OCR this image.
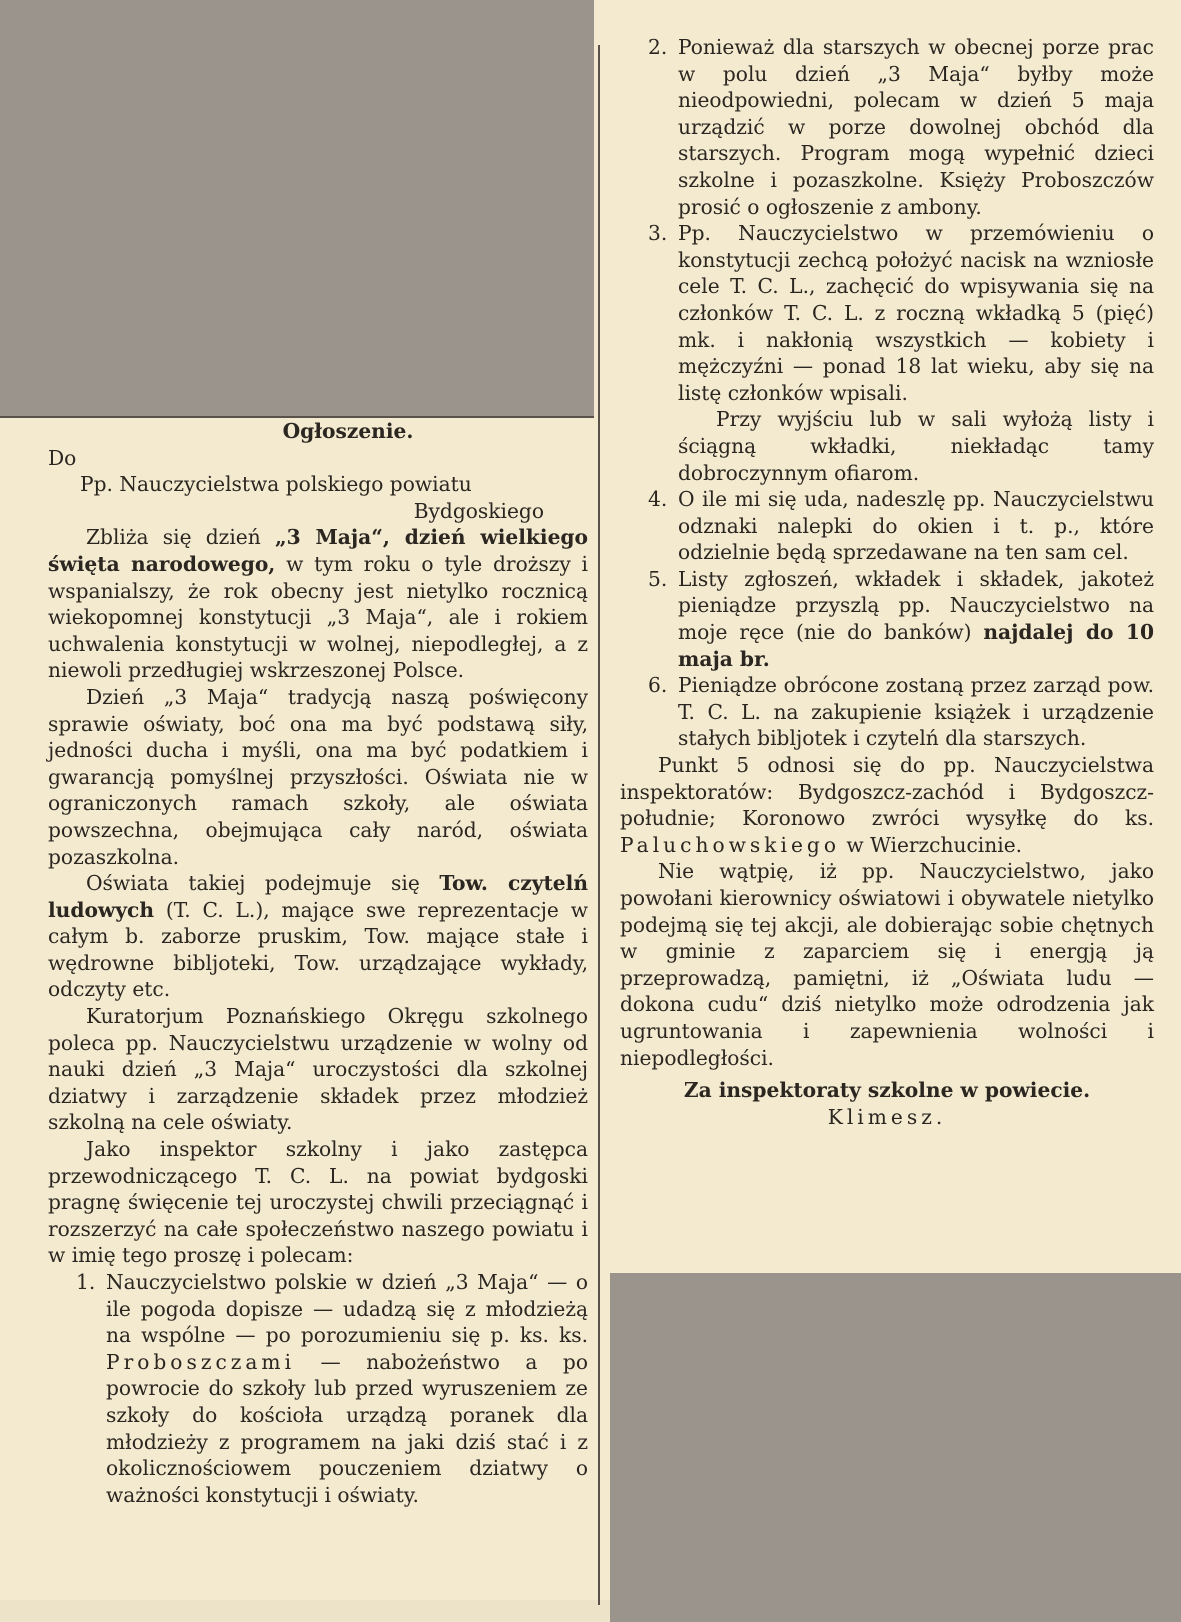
Ogłoszenie.

Do

Pp. Nauczycielstwa polskiego powiatu

Bydgoskiego

Zbliża się dzień „3 Maja“, dzień wielkiego święta narodowego, w tym roku o tyle droższy i wspanialszy, że rok obecny jest nietylko rocznicą wiekopomnej konstytucji „3 Maja“, ale i rokiem uchwalenia konstytucji w wolnej, niepodległej, a z niewoli przedługiej wskrzeszonej Polsce.

Dzień „3 Maja“ tradycją naszą poświęcony sprawie oświaty, boć ona ma być podstawą siły, jedności ducha i myśli, ona ma być podatkiem i gwarancją pomyślnej przyszłości. Oświata nie w ograniczonych ramach szkoły, ale oświata powszechna, obejmująca cały naród, oświata pozaszkolna.

Oświata takiej podejmuje się Tow. czytelń ludowych (T. C. L.), mające swe reprezentacje w całym b. zaborze pruskim, Tow. mające stałe i wędrowne bibljoteki, Tow. urządzające wykłady, odczyty etc.

Kuratorjum Poznańskiego Okręgu szkolnego poleca pp. Nauczycielstwu urządzenie w wolny od nauki dzień „3 Maja“ uroczystości dla szkolnej dziatwy i zarządzenie składek przez młodzież szkolną na cele oświaty.

Jako inspektor szkolny i jako zastępca przewodniczącego T. C. L. na powiat bydgoski pragnę święcenie tej uroczystej chwili przeciągnąć i rozszerzyć na całe społeczeństwo naszego powiatu i w imię tego proszę i polecam:

1. Nauczycielstwo polskie w dzień „3 Maja“ — o ile pogoda dopisze — udadzą się z młodzieżą na wspólne — po porozumieniu się p. ks. ks. Proboszczami — nabożeństwo a po powrocie do szkoły lub przed wyruszeniem ze szkoły do kościoła urządzą poranek dla młodzieży z programem na jaki dziś stać i z okolicznościowem pouczeniem dziatwy o ważności konstytucji i oświaty.

2. Ponieważ dla starszych w obecnej porze prac w polu dzień „3 Maja“ byłby może nieodpowiedni, polecam w dzień 5 maja urządzić w porze dowolnej obchód dla starszych. Program mogą wypełnić dzieci szkolne i pozaszkolne. Księży Proboszczów prosić o ogłoszenie z ambony.

3. Pp. Nauczycielstwo w przemówieniu o konstytucji zechcą położyć nacisk na wzniosłe cele T. C. L., zachęcić do wpisywania się na członków T. C. L. z roczną wkładką 5 (pięć) mk. i nakłonią wszystkich — kobiety i mężczyźni — ponad 18 lat wieku, aby się na listę członków wpisali.

Przy wyjściu lub w sali wyłożą listy i ściągną wkładki, niekładąc tamy dobroczynnym ofiarom.

4. O ile mi się uda, nadeszlę pp. Nauczycielstwu odznaki nalepki do okien i t. p., które odzielnie będą sprzedawane na ten sam cel.

5. Listy zgłoszeń, wkładek i składek, jakoteż pieniądze przyszlą pp. Nauczycielstwo na moje ręce (nie do banków) najdalej do 10 maja br.

6. Pieniądze obrócone zostaną przez zarząd pow. T. C. L. na zakupienie książek i urządzenie stałych bibljotek i czytelń dla starszych.

Punkt 5 odnosi się do pp. Nauczycielstwa inspektoratów: Bydgoszcz-zachód i Bydgoszcz-południe; Koronowo zwróci wysyłkę do ks. Paluchowskiego w Wierzchucinie.

Nie wątpię, iż pp. Nauczycielstwo, jako powołani kierownicy oświatowi i obywatele nietylko podejmą się tej akcji, ale dobierając sobie chętnych w gminie z zaparciem się i energją ją przeprowadzą, pamiętni, iż „Oświata ludu — dokona cudu“ dziś nietylko może odrodzenia jak ugruntowania i zapewnienia wolności i niepodległości.

Za inspektoraty szkolne w powiecie.

Klimesz.
